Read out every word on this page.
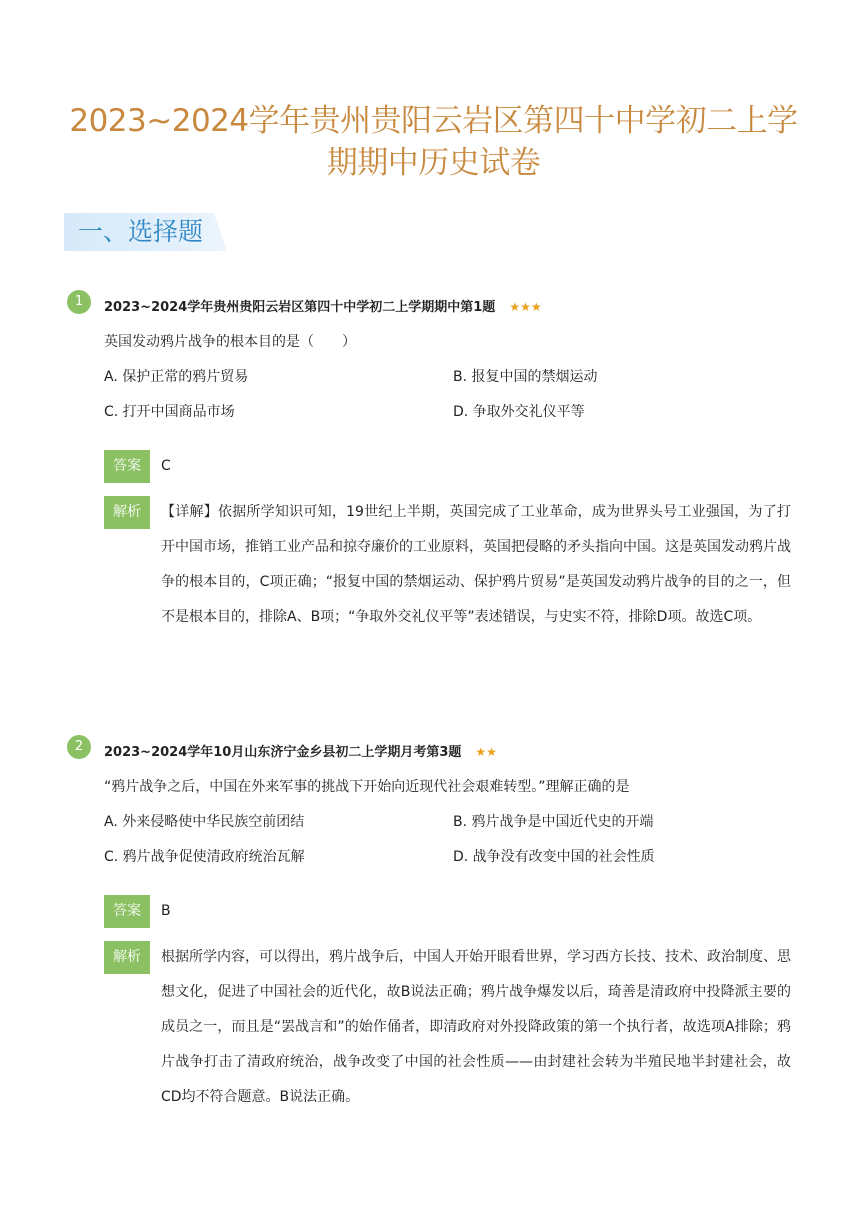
2023~2024学年贵州贵阳云岩区第四十中学初二上学期期中历史试卷
一、选择题
1	2023~2024学年贵州贵阳云岩区第四十中学初二上学期期中第1题 ★★★
英国发动鸦片战争的根本目的是（　　）
A. 保护正常的鸦片贸易	B. 报复中国的禁烟运动
C. 打开中国商品市场	D. 争取外交礼仪平等
答案	C
解析	【详解】依据所学知识可知，19世纪上半期，英国完成了工业革命，成为世界头号工业强国，为了打开中国市场，推销工业产品和掠夺廉价的工业原料，英国把侵略的矛头指向中国。这是英国发动鸦片战争的根本目的，C项正确；“报复中国的禁烟运动、保护鸦片贸易”是英国发动鸦片战争的目的之一，但不是根本目的，排除A、B项；“争取外交礼仪平等”表述错误，与史实不符，排除D项。故选C项。
2	2023~2024学年10月山东济宁金乡县初二上学期月考第3题 ★★
“鸦片战争之后，中国在外来军事的挑战下开始向近现代社会艰难转型。”理解正确的是
A. 外来侵略使中华民族空前团结	B. 鸦片战争是中国近代史的开端
C. 鸦片战争促使清政府统治瓦解	D. 战争没有改变中国的社会性质
答案	B
解析	根据所学内容，可以得出，鸦片战争后，中国人开始开眼看世界，学习西方长技、技术、政治制度、思想文化，促进了中国社会的近代化，故B说法正确；鸦片战争爆发以后，琦善是清政府中投降派主要的成员之一，而且是“罢战言和”的始作俑者，即清政府对外投降政策的第一个执行者，故选项A排除；鸦片战争打击了清政府统治，战争改变了中国的社会性质——由封建社会转为半殖民地半封建社会，故CD均不符合题意。B说法正确。
